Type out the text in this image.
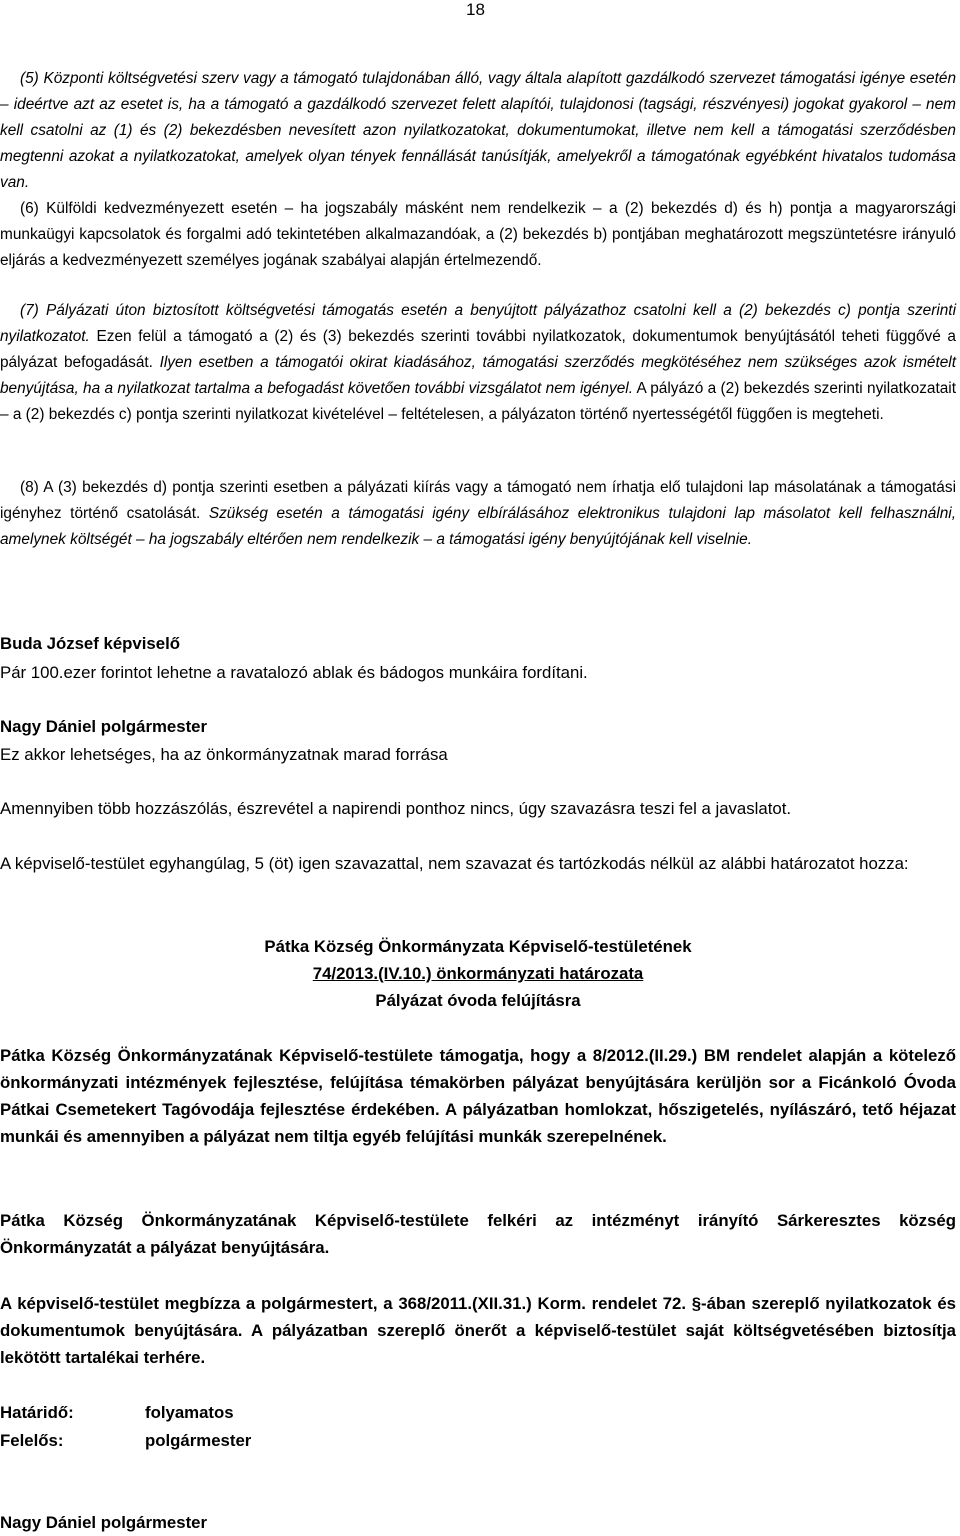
18

(5) Központi költségvetési szerv vagy a támogató tulajdonában álló, vagy általa alapított gazdálkodó szervezet támogatási igénye esetén – ideértve azt az esetet is, ha a támogató a gazdálkodó szervezet felett alapítói, tulajdonosi (tagsági, részvényesi) jogokat gyakorol – nem kell csatolni az (1) és (2) bekezdésben nevesített azon nyilatkozatokat, dokumentumokat, illetve nem kell a támogatási szerződésben megtenni azokat a nyilatkozatokat, amelyek olyan tények fennállását tanúsítják, amelyekről a támogatónak egyébként hivatalos tudomása van.

(6) Külföldi kedvezményezett esetén – ha jogszabály másként nem rendelkezik – a (2) bekezdés d) és h) pontja a magyarországi munkaügyi kapcsolatok és forgalmi adó tekintetében alkalmazandóak, a (2) bekezdés b) pontjában meghatározott megszüntetésre irányuló eljárás a kedvezményezett személyes jogának szabályai alapján értelmezendő.

(7) Pályázati úton biztosított költségvetési támogatás esetén a benyújtott pályázathoz csatolni kell a (2) bekezdés c) pontja szerinti nyilatkozatot. Ezen felül a támogató a (2) és (3) bekezdés szerinti további nyilatkozatok, dokumentumok benyújtásától teheti függővé a pályázat befogadását. Ilyen esetben a támogatói okirat kiadásához, támogatási szerződés megkötéséhez nem szükséges azok ismételt benyújtása, ha a nyilatkozat tartalma a befogadást követően további vizsgálatot nem igényel. A pályázó a (2) bekezdés szerinti nyilatkozatait – a (2) bekezdés c) pontja szerinti nyilatkozat kivételével – feltételesen, a pályázaton történő nyertességétől függően is megteheti.

(8) A (3) bekezdés d) pontja szerinti esetben a pályázati kiírás vagy a támogató nem írhatja elő tulajdoni lap másolatának a támogatási igényhez történő csatolását. Szükség esetén a támogatási igény elbírálásához elektronikus tulajdoni lap másolatot kell felhasználni, amelynek költségét – ha jogszabály eltérően nem rendelkezik – a támogatási igény benyújtójának kell viselnie.

Buda József képviselő

Pár 100.ezer forintot lehetne a ravatalozó ablak és bádogos munkáira fordítani.

Nagy Dániel polgármester

Ez akkor lehetséges, ha az önkormányzatnak marad forrása

Amennyiben több hozzászólás, észrevétel a napirendi ponthoz nincs, úgy szavazásra teszi fel a javaslatot.

A képviselő-testület egyhangúlag, 5 (öt) igen szavazattal, nem szavazat és tartózkodás nélkül az alábbi határozatot hozza:

Pátka Község Önkormányzata Képviselő-testületének

74/2013.(IV.10.) önkormányzati határozata

Pályázat óvoda felújításra

Pátka Község Önkormányzatának Képviselő-testülete támogatja, hogy a 8/2012.(II.29.) BM rendelet alapján a kötelező önkormányzati intézmények fejlesztése, felújítása témakörben pályázat benyújtására kerüljön sor a Ficánkoló Óvoda Pátkai Csemetekert Tagóvodája fejlesztése érdekében. A pályázatban homlokzat, hőszigetelés, nyílászáró, tető héjazat munkái és amennyiben a pályázat nem tiltja egyéb felújítási munkák szerepelnének.

Pátka Község Önkormányzatának Képviselő-testülete felkéri az intézményt irányító Sárkeresztes község Önkormányzatát a pályázat benyújtására.

A képviselő-testület megbízza a polgármestert, a 368/2011.(XII.31.) Korm. rendelet 72. §-ában szereplő nyilatkozatok és dokumentumok benyújtására. A pályázatban szereplő önerőt a képviselő-testület saját költségvetésében biztosítja lekötött tartalékai terhére.

Határidő:	folyamatos

Felelős:	polgármester

Nagy Dániel polgármester
